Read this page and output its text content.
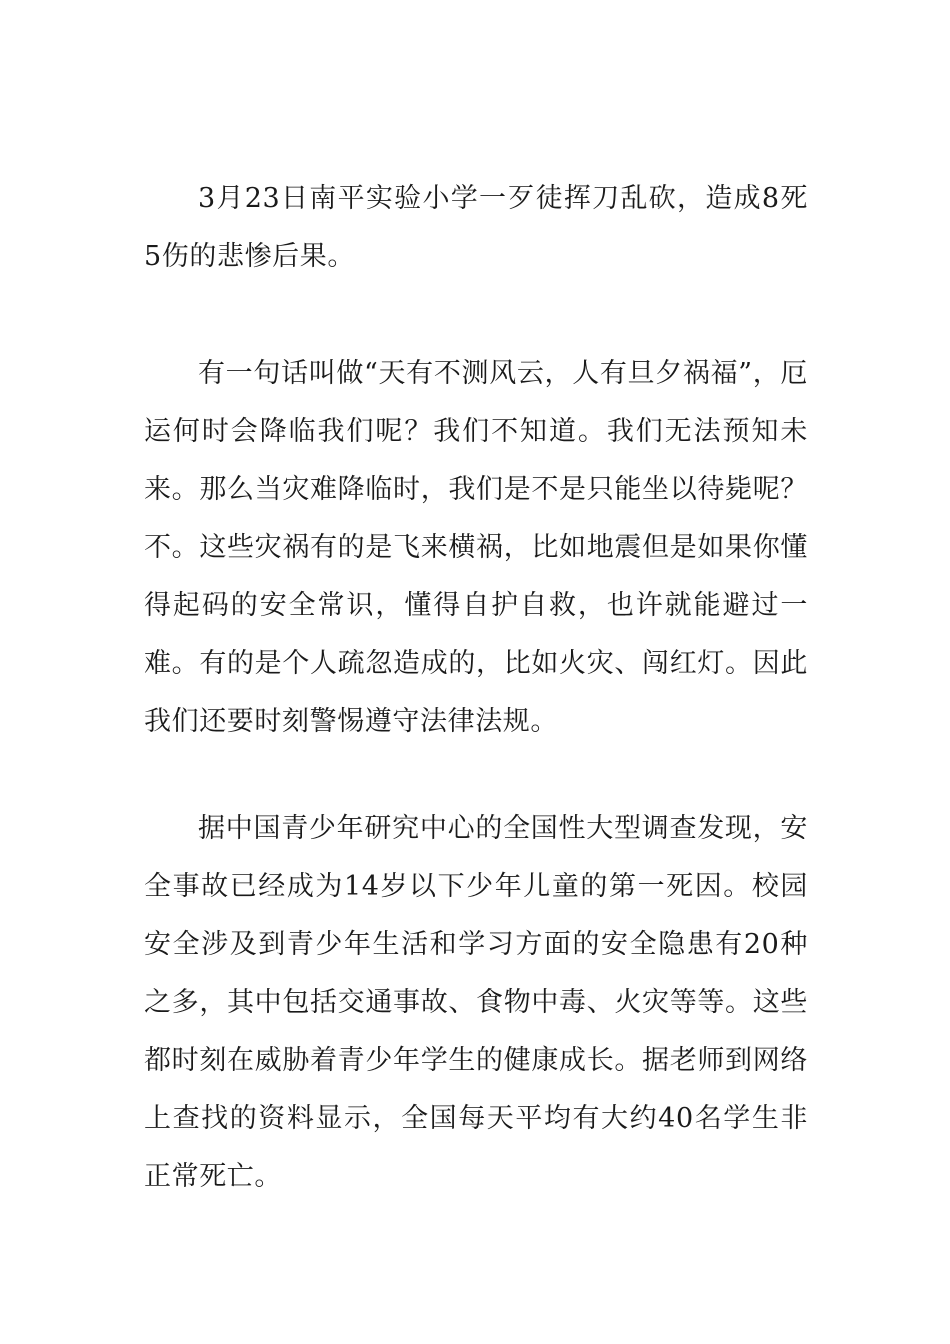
3月23日南平实验小学一歹徒挥刀乱砍，造成8死5伤的悲惨后果。

有一句话叫做“天有不测风云，人有旦夕祸福”，厄运何时会降临我们呢？我们不知道。我们无法预知未来。那么当灾难降临时，我们是不是只能坐以待毙呢？不。这些灾祸有的是飞来横祸，比如地震但是如果你懂得起码的安全常识，懂得自护自救，也许就能避过一难。有的是个人疏忽造成的，比如火灾、闯红灯。因此我们还要时刻警惕遵守法律法规。

据中国青少年研究中心的全国性大型调查发现，安全事故已经成为14岁以下少年儿童的第一死因。校园安全涉及到青少年生活和学习方面的安全隐患有20种之多，其中包括交通事故、食物中毒、火灾等等。这些都时刻在威胁着青少年学生的健康成长。据老师到网络上查找的资料显示，全国每天平均有大约40名学生非正常死亡。
